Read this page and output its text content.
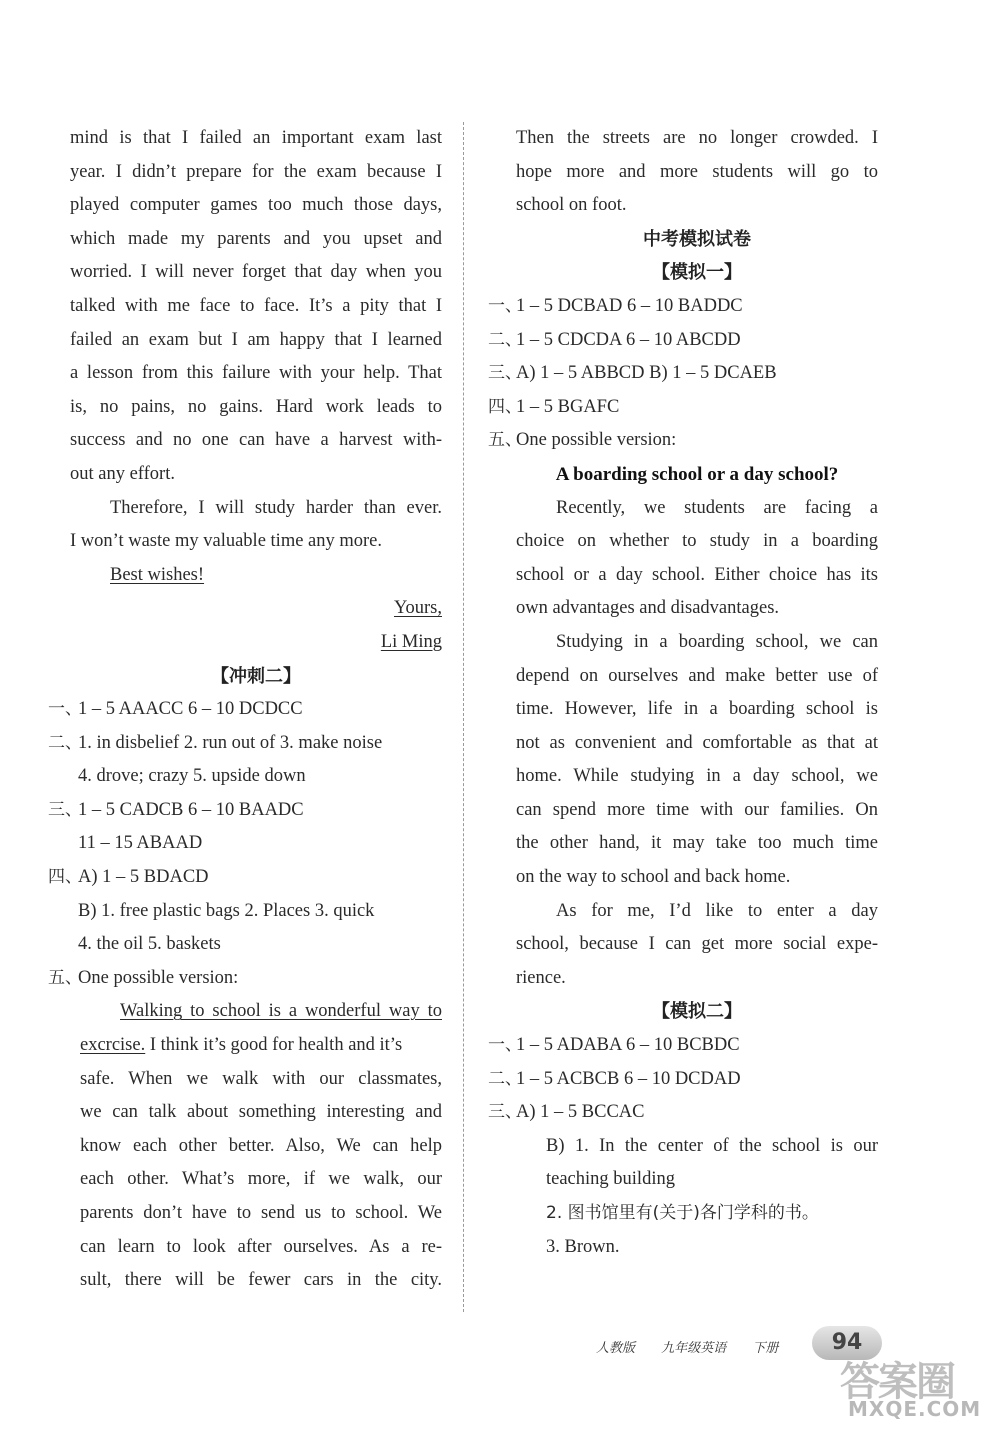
mind is that I failed an important exam last
year. I didn’t prepare for the exam because I
played computer games too much those days,
which made my parents and you upset and
worried. I will never forget that day when you
talked with me face to face. It’s a pity that I
failed an exam but I am happy that I learned
a lesson from this failure with your help. That
is, no pains, no gains. Hard work leads to
success and no one can have a harvest with-
out any effort.
Therefore, I will study harder than ever.
I won’t waste my valuable time any more.
Best wishes!
Yours,
Li Ming
【冲刺二】
一、
1 – 5 AAACC 6 – 10 DCDCC
二、
1. in disbelief 2. run out of 3. make noise
4. drove; crazy 5. upside down
三、
1 – 5 CADCB 6 – 10 BAADC
11 – 15 ABAAD
四、
A) 1 – 5 BDACD
B) 1. free plastic bags 2. Places 3. quick
4. the oil 5. baskets
五、
One possible version:
Walking to school is a wonderful way to
excrcise. I think it’s good for health and it’s
safe. When we walk with our classmates,
we can talk about something interesting and
know each other better. Also, We can help
each other. What’s more, if we walk, our
parents don’t have to send us to school. We
can learn to look after ourselves. As a re-
sult, there will be fewer cars in the city.
Then the streets are no longer crowded. I
hope more and more students will go to
school on foot.
中考模拟试卷
【模拟一】
一、
1 – 5 DCBAD 6 – 10 BADDC
二、
1 – 5 CDCDA 6 – 10 ABCDD
三、
A) 1 – 5 ABBCD B) 1 – 5 DCAEB
四、
1 – 5 BGAFC
五、
One possible version:
A boarding school or a day school?
Recently, we students are facing a
choice on whether to study in a boarding
school or a day school. Either choice has its
own advantages and disadvantages.
Studying in a boarding school, we can
depend on ourselves and make better use of
time. However, life in a boarding school is
not as convenient and comfortable as that at
home. While studying in a day school, we
can spend more time with our families. On
the other hand, it may take too much time
on the way to school and back home.
As for me, I’d like to enter a day
school, because I can get more social expe-
rience.
【模拟二】
一、
1 – 5 ADABA 6 – 10 BCBDC
二、
1 – 5 ACBCB 6 – 10 DCDAD
三、
A) 1 – 5 BCCAC
B) 1. In the center of the school is our
teaching building
2. 图书馆里有(关于)各门学科的书。
3. Brown.
人教版 九年级英语 下册	94
答案圈
MXQE.COM
